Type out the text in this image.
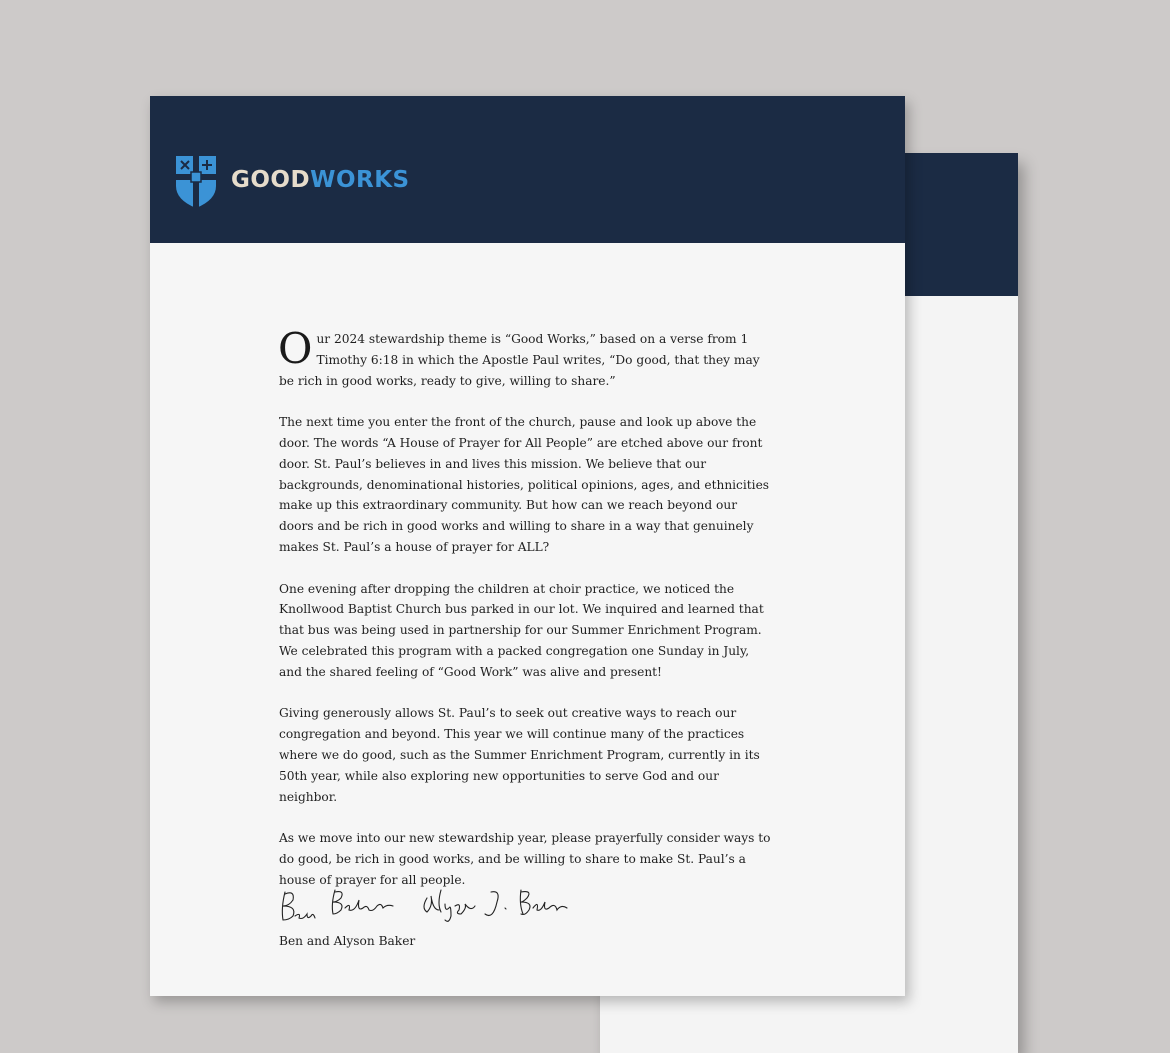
GOODWORKS

Our 2024 stewardship theme is “Good Works,” based on a verse from 1 Timothy 6:18 in which the Apostle Paul writes, “Do good, that they may be rich in good works, ready to give, willing to share.”

The next time you enter the front of the church, pause and look up above the door. The words “A House of Prayer for All People” are etched above our front door. St. Paul’s believes in and lives this mission. We believe that our backgrounds, denominational histories, political opinions, ages, and ethnicities make up this extraordinary community. But how can we reach beyond our doors and be rich in good works and willing to share in a way that genuinely makes St. Paul’s a house of prayer for ALL?

One evening after dropping the children at choir practice, we noticed the Knollwood Baptist Church bus parked in our lot. We inquired and learned that that bus was being used in partnership for our Summer Enrichment Program. We celebrated this program with a packed congregation one Sunday in July, and the shared feeling of “Good Work” was alive and present!

Giving generously allows St. Paul’s to seek out creative ways to reach our congregation and beyond. This year we will continue many of the practices where we do good, such as the Summer Enrichment Program, currently in its 50th year, while also exploring new opportunities to serve God and our neighbor.

As we move into our new stewardship year, please prayerfully consider ways to do good, be rich in good works, and be willing to share to make St. Paul’s a house of prayer for all people.

Ben and Alyson Baker
